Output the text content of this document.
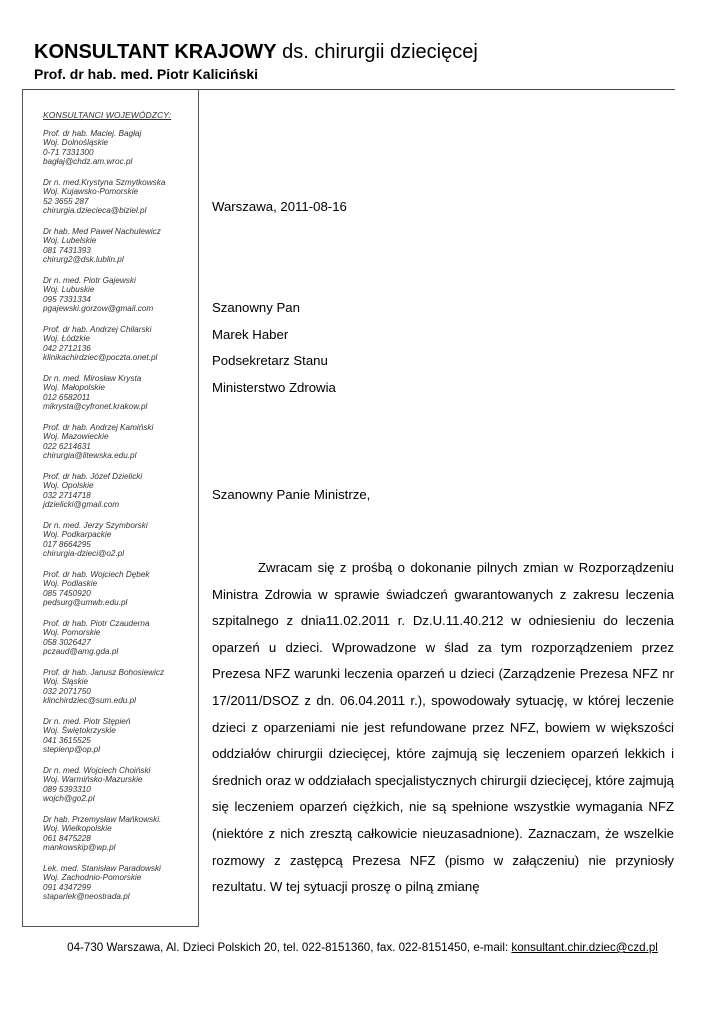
KONSULTANT KRAJOWY ds. chirurgii dziecięcej
Prof. dr hab. med. Piotr Kaliciński
KONSULTANCI WOJEWÓDZCY:
Prof. dr hab. Maciej. Bagłaj
Woj. Dolnośląskie
0-71 7331300
bagłaj@chdz.am.wroc.pl
Dr n. med.Krystyna Szmytkowska
Woj. Kujawsko-Pomorskie
52 3655 287
chirurgia.dziecieca@biziel.pl
Dr hab. Med Paweł Nachulewicz
Woj. Lubelskie
081 7431393
chirurg2@dsk.lublin.pl
Dr n. med. Piotr Gajewski
Woj. Lubuskie
095 7331334
pgajewski.gorzow@gmail.com
Prof. dr hab. Andrzej Chilarski
Woj. Łódzkie
042 2712136
klinikachirdziec@poczta.onet.pl
Dr n. med. Mirosław Krysta
Woj. Małopolskie
012 6582011
mikrysta@cyfronet.krakow.pl
Prof. dr hab. Andrzej Kamiński
Woj. Mazowieckie
022 6214631
chirurgia@litewska.edu.pl
Prof. dr hab. Józef Dzielicki
Woj. Opolskie
032 2714718
jdzielicki@gmail.com
Dr n. med. Jerzy Szymborski
Woj. Podkarpackie
017 8664295
chirurgia-dzieci@o2.pl
Prof. dr hab. Wojciech Dębek
Woj. Podlaskie
085 7450920
pedsurg@umwb.edu.pl
Prof. dr hab. Piotr Czauderna
Woj. Pomorskie
058 3026427
pczaud@amg.gda.pl
Prof. dr hab. Janusz Bohosiewicz
Woj. Śląskie
032 2071750
klinchirdziec@sum.edu.pl
Dr n. med. Piotr Stępień
Woj. Świętokrzyskie
041 3615525
stepienp@op.pl
Dr n. med. Wojciech Choiński
Woj. Warmińsko-Mazurskie
089 5393310
wojch@go2.pl
Dr hab. Przemysław Mańkowski.
Woj. Wielkopolskie
061 8475228
mankowskip@wp.pl
Lek. med. Stanisław Paradowski
Woj. Zachodnio-Pomorskie
091 4347299
staparlek@neostrada.pl
Warszawa, 2011-08-16
Szanowny Pan
Marek Haber
Podsekretarz Stanu
Ministerstwo Zdrowia
Szanowny Panie Ministrze,
Zwracam się z prośbą o dokonanie pilnych zmian w Rozporządzeniu Ministra Zdrowia w sprawie świadczeń gwarantowanych z zakresu leczenia szpitalnego z dnia11.02.2011 r. Dz.U.11.40.212 w odniesieniu do leczenia oparzeń u dzieci. Wprowadzone w ślad za tym rozporządzeniem przez Prezesa NFZ warunki leczenia oparzeń u dzieci (Zarządzenie Prezesa NFZ nr 17/2011/DSOZ z dn. 06.04.2011 r.), spowodowały sytuację, w której leczenie dzieci z oparzeniami nie jest refundowane przez NFZ, bowiem w większości oddziałów chirurgii dziecięcej, które zajmują się leczeniem oparzeń lekkich i średnich oraz w oddziałach specjalistycznych chirurgii dziecięcej, które zajmują się leczeniem oparzeń ciężkich, nie są spełnione wszystkie wymagania NFZ (niektóre z nich zresztą całkowicie nieuzasadnione). Zaznaczam, że wszelkie rozmowy z zastępcą Prezesa NFZ (pismo w załączeniu) nie przyniosły rezultatu. W tej sytuacji proszę o pilną zmianę
04-730 Warszawa, Al. Dzieci Polskich 20, tel. 022-8151360, fax. 022-8151450, e-mail: konsultant.chir.dziec@czd.pl
